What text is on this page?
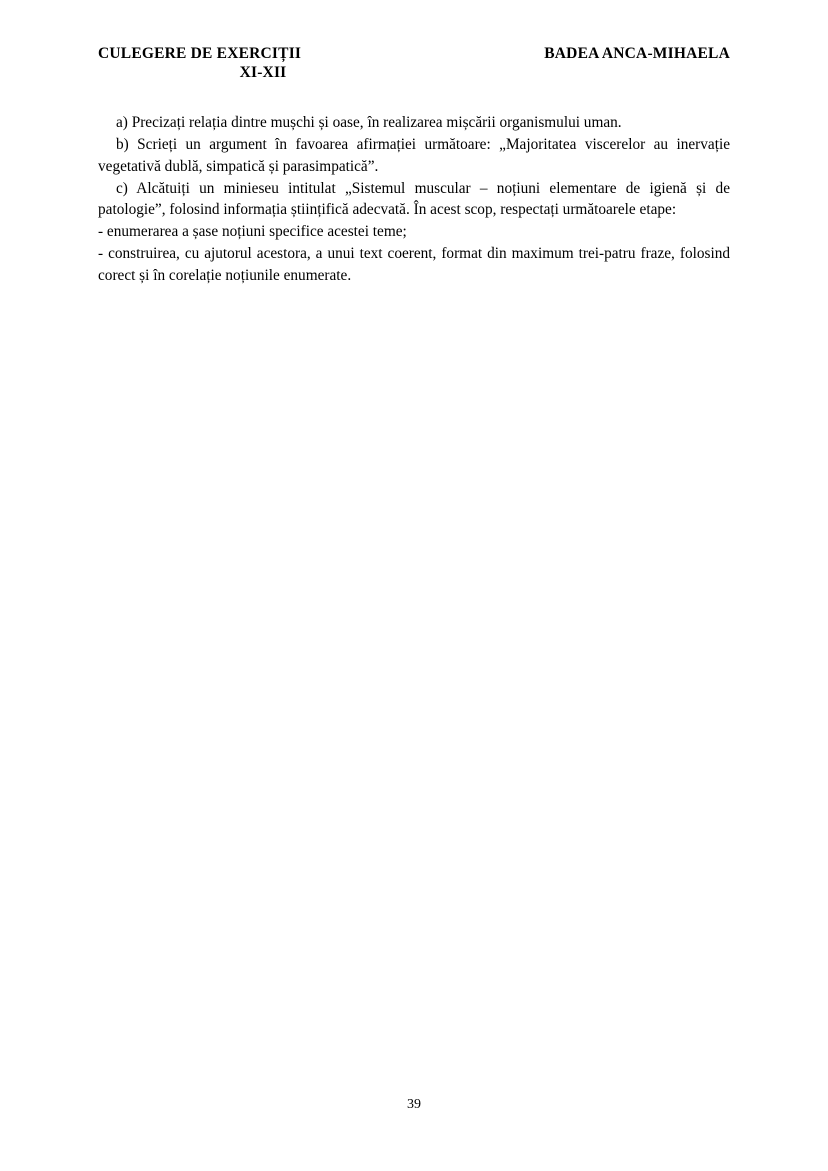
CULEGERE DE EXERCIȚII
XI-XII
BADEA ANCA-MIHAELA

a) Precizați relația dintre mușchi și oase, în realizarea mișcării organismului uman.

b) Scrieți un argument în favoarea afirmației următoare: „Majoritatea viscerelor au inervație vegetativă dublă, simpatică și parasimpatică”.

c) Alcătuiți un minieseu intitulat „Sistemul muscular – noțiuni elementare de igienă și de patologie”, folosind informația științifică adecvată. În acest scop, respectați următoarele etape:

- enumerarea a șase noțiuni specifice acestei teme;

- construirea, cu ajutorul acestora, a unui text coerent, format din maximum trei-patru fraze, folosind corect și în corelație noțiunile enumerate.

39
